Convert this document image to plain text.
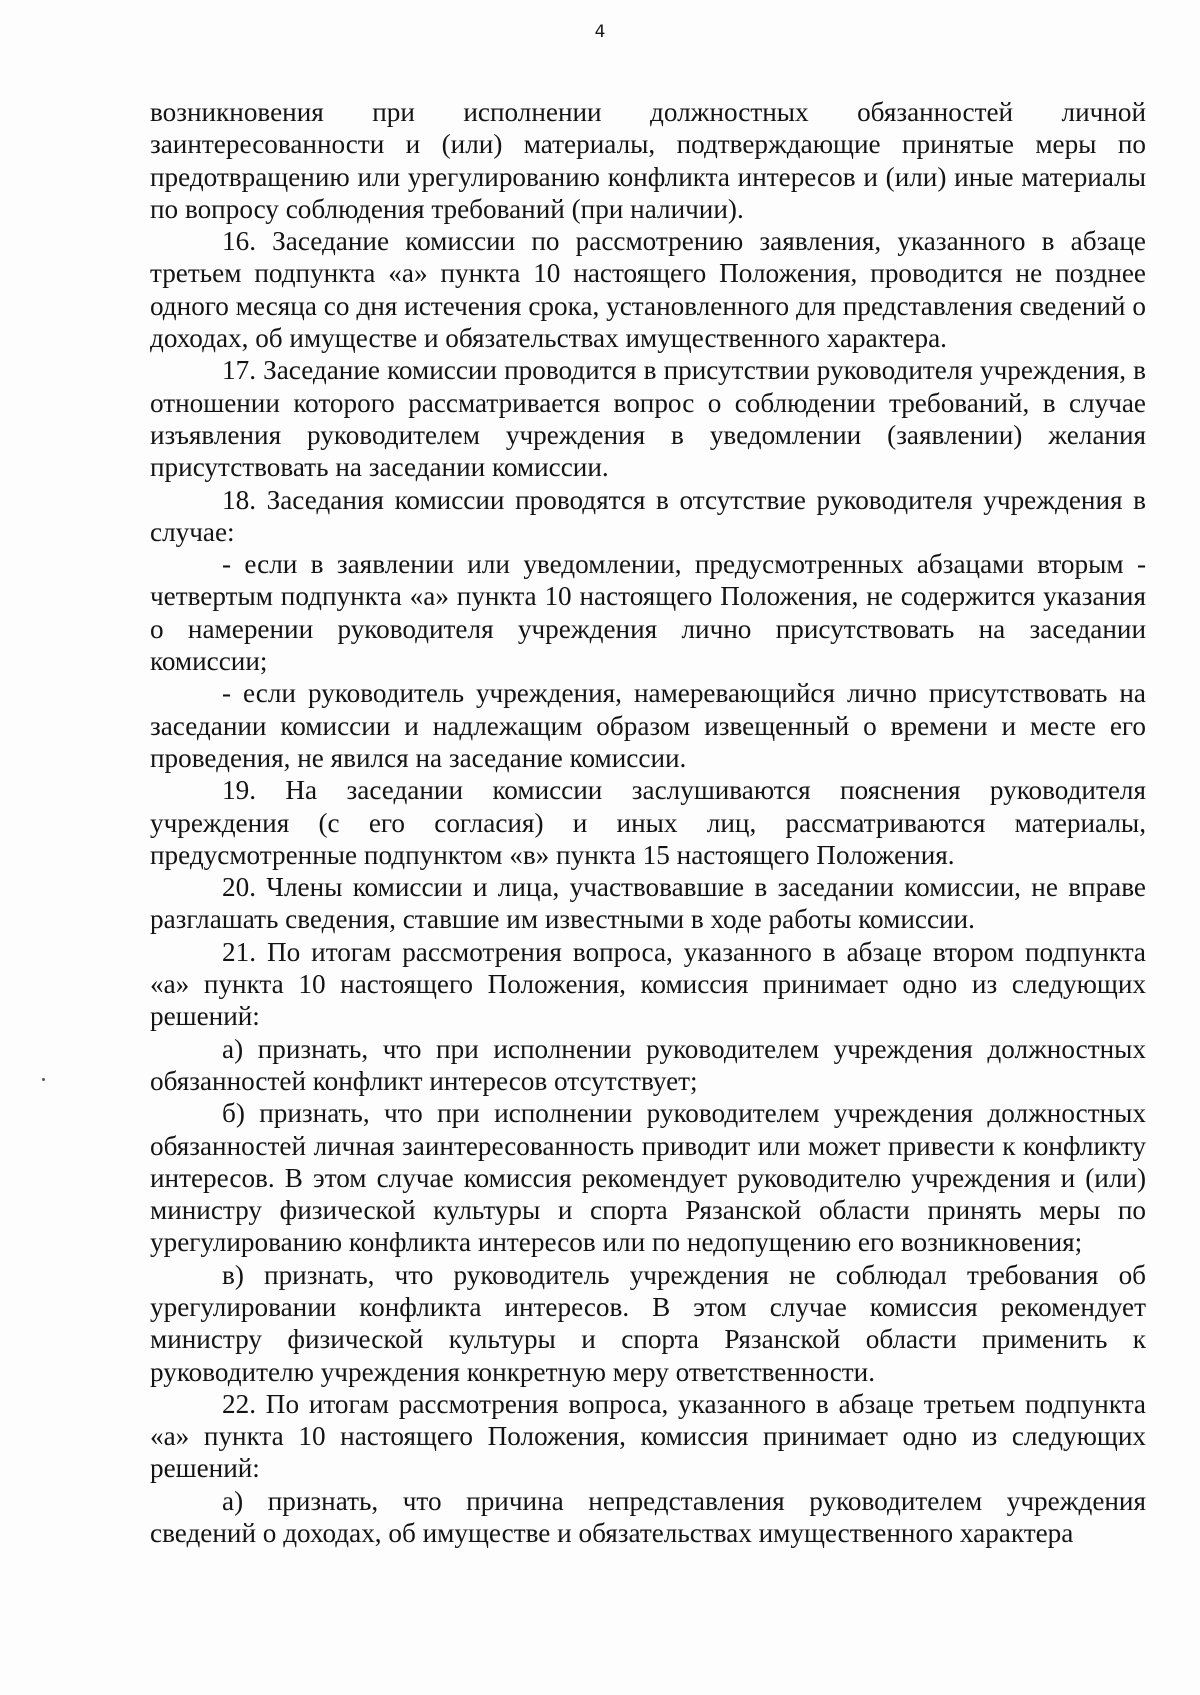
4

возникновения при исполнении должностных обязанностей личной заинтересованности и (или) материалы, подтверждающие принятые меры по предотвращению или урегулированию конфликта интересов и (или) иные материалы по вопросу соблюдения требований (при наличии).

16. Заседание комиссии по рассмотрению заявления, указанного в абзаце третьем подпункта «а» пункта 10 настоящего Положения, проводится не позднее одного месяца со дня истечения срока, установленного для представления сведений о доходах, об имуществе и обязательствах имущественного характера.

17. Заседание комиссии проводится в присутствии руководителя учреждения, в отношении которого рассматривается вопрос о соблюдении требований, в случае изъявления руководителем учреждения в уведомлении (заявлении) желания присутствовать на заседании комиссии.

18. Заседания комиссии проводятся в отсутствие руководителя учреждения в случае:

- если в заявлении или уведомлении, предусмотренных абзацами вторым - четвертым подпункта «а» пункта 10 настоящего Положения, не содержится указания о намерении руководителя учреждения лично присутствовать на заседании комиссии;

- если руководитель учреждения, намеревающийся лично присутствовать на заседании комиссии и надлежащим образом извещенный о времени и месте его проведения, не явился на заседание комиссии.

19. На заседании комиссии заслушиваются пояснения руководителя учреждения (с его согласия) и иных лиц, рассматриваются материалы, предусмотренные подпунктом «в» пункта 15 настоящего Положения.

20. Члены комиссии и лица, участвовавшие в заседании комиссии, не вправе разглашать сведения, ставшие им известными в ходе работы комиссии.

21. По итогам рассмотрения вопроса, указанного в абзаце втором подпункта «а» пункта 10 настоящего Положения, комиссия принимает одно из следующих решений:

а) признать, что при исполнении руководителем учреждения должностных обязанностей конфликт интересов отсутствует;

б) признать, что при исполнении руководителем учреждения должностных обязанностей личная заинтересованность приводит или может привести к конфликту интересов. В этом случае комиссия рекомендует руководителю учреждения и (или) министру физической культуры и спорта Рязанской области принять меры по урегулированию конфликта интересов или по недопущению его возникновения;

в) признать, что руководитель учреждения не соблюдал требования об урегулировании конфликта интересов. В этом случае комиссия рекомендует министру физической культуры и спорта Рязанской области применить к руководителю учреждения конкретную меру ответственности.

22. По итогам рассмотрения вопроса, указанного в абзаце третьем подпункта «а» пункта 10 настоящего Положения, комиссия принимает одно из следующих решений:

а) признать, что причина непредставления руководителем учреждения сведений о доходах, об имуществе и обязательствах имущественного характера
